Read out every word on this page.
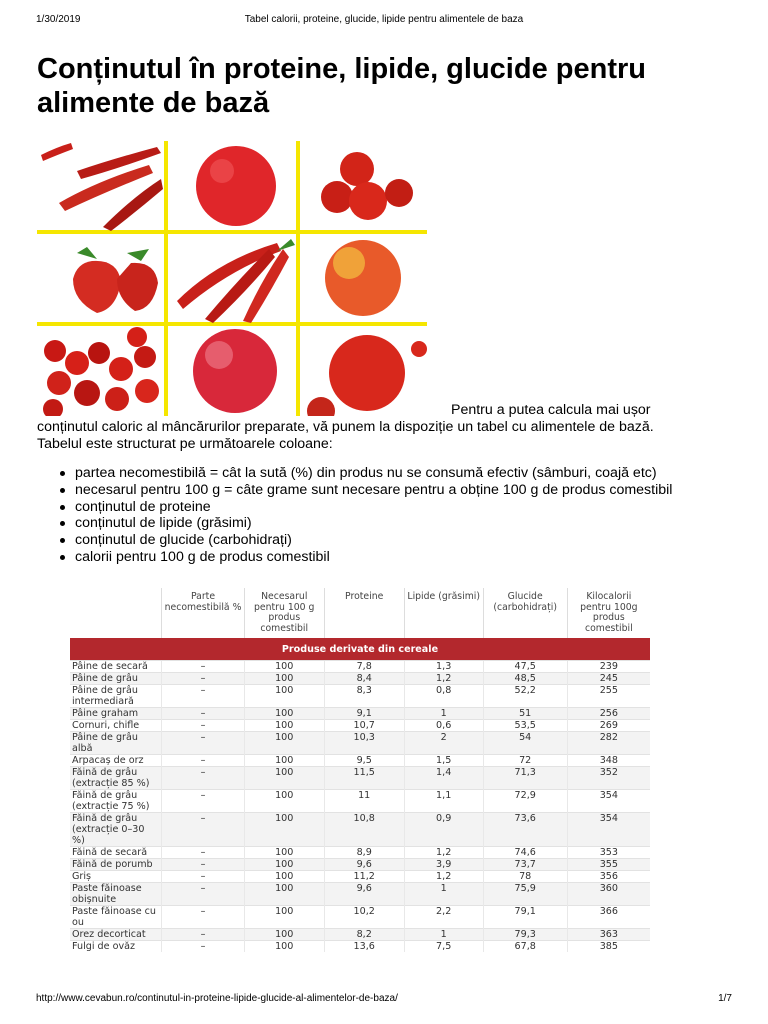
1/30/2019	Tabel calorii, proteine, glucide, lipide pentru alimentele de baza
Conținutul în proteine, lipide, glucide pentru alimente de bază
Pentru a putea calcula mai ușor
conținutul caloric al mâncărurilor preparate, vă punem la dispoziție un tabel cu alimentele de bază.
Tabelul este structurat pe următoarele coloane:
partea necomestibilă = cât la sută (%) din produs nu se consumă efectiv (sâmburi, coajă etc)
necesarul pentru 100 g = câte grame sunt necesare pentru a obține 100 g de produs comestibil
conținutul de proteine
conținutul de lipide (grăsimi)
conținutul de glucide (carbohidrați)
calorii pentru 100 g de produs comestibil
	Parte necomestibilă %	Necesarul pentru 100 g produs comestibil	Proteine	Lipide (grăsimi)	Glucide (carbohidrați)	Kilocalorii pentru 100g produs comestibil
Produse derivate din cereale						
Pâine de secară	–	100	7,8	1,3	47,5	239
Pâine de grâu	–	100	8,4	1,2	48,5	245
Pâine de grâu intermediară	–	100	8,3	0,8	52,2	255
Pâine graham	–	100	9,1	1	51	256
Cornuri, chifle	–	100	10,7	0,6	53,5	269
Pâine de grâu albă	–	100	10,3	2	54	282
Arpacaș de orz	–	100	9,5	1,5	72	348
Făină de grâu (extracție 85 %)	–	100	11,5	1,4	71,3	352
Făină de grâu (extracție 75 %)	–	100	11	1,1	72,9	354
Făină de grâu (extracție 0–30 %)	–	100	10,8	0,9	73,6	354
Făină de secară	–	100	8,9	1,2	74,6	353
Făină de porumb	–	100	9,6	3,9	73,7	355
Griș	–	100	11,2	1,2	78	356
Paste făinoase obișnuite	–	100	9,6	1	75,9	360
Paste făinoase cu ou	–	100	10,2	2,2	79,1	366
Orez decorticat	–	100	8,2	1	79,3	363
Fulgi de ovăz	–	100	13,6	7,5	67,8	385
http://www.cevabun.ro/continutul-in-proteine-lipide-glucide-al-alimentelor-de-baza/	1/7
